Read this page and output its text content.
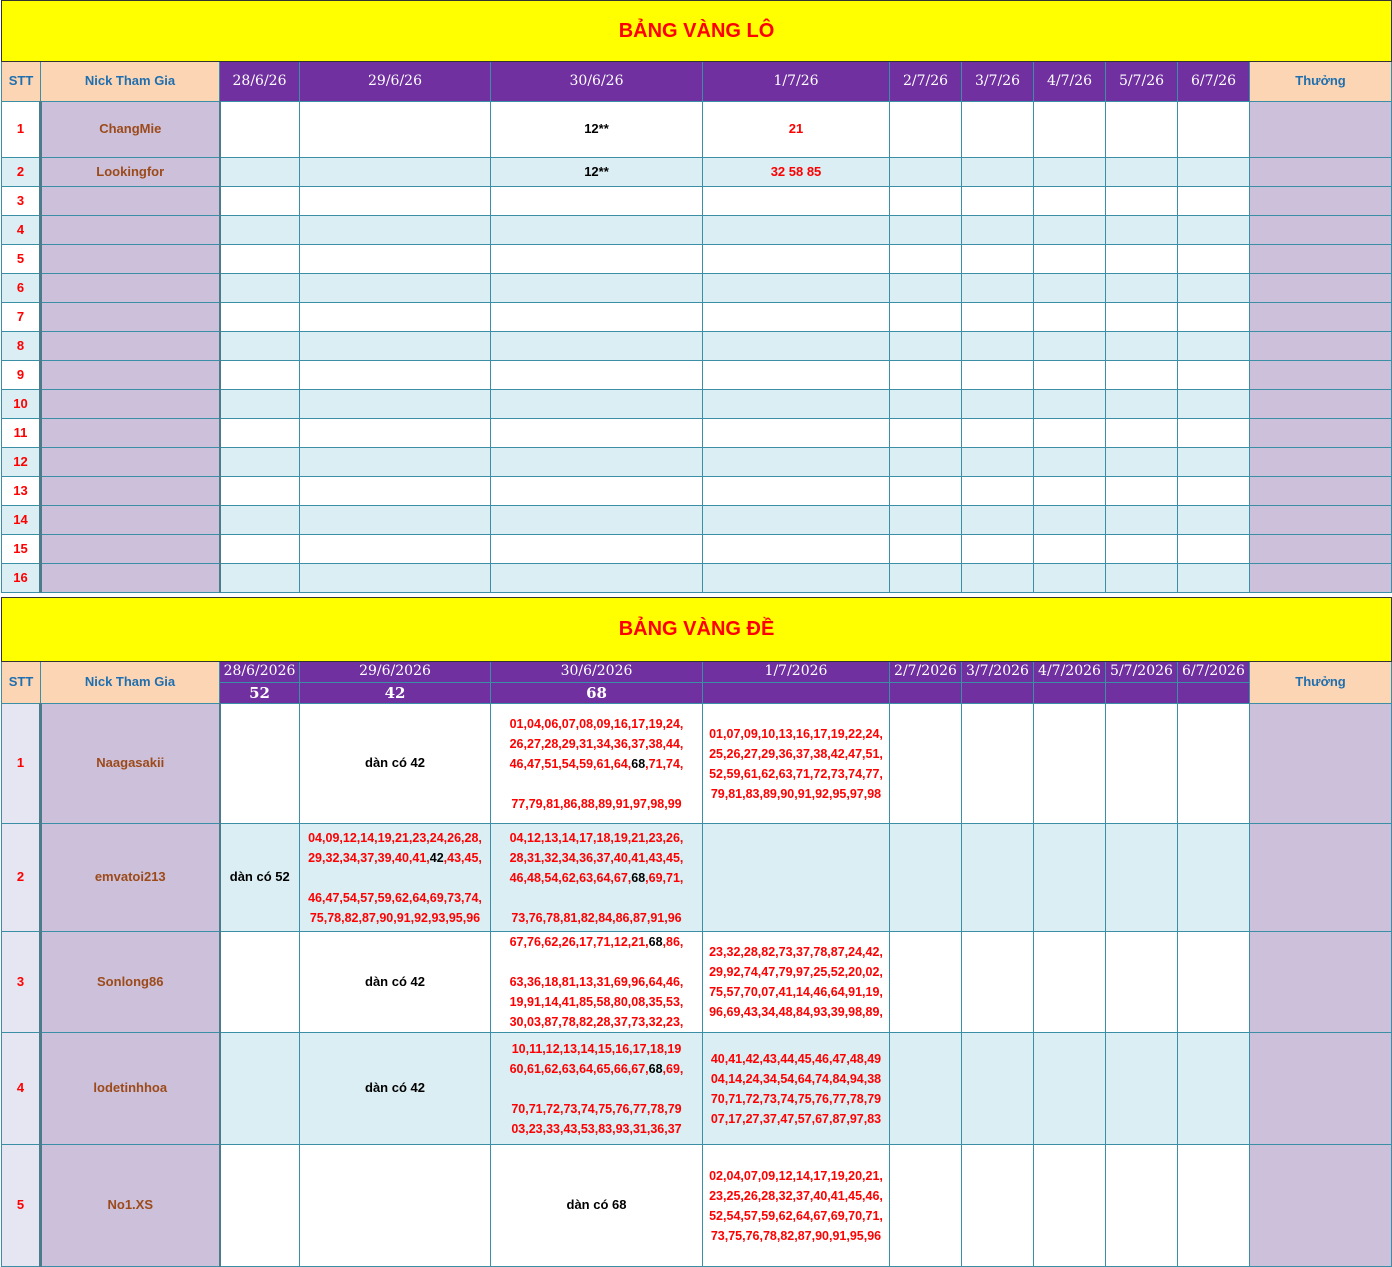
BẢNG VÀNG LÔ											
STT	Nick Tham Gia	28/6/26	29/6/26	30/6/26	1/7/26	2/7/26	3/7/26	4/7/26	5/7/26	6/7/26	Thưởng
1	ChangMie			12**	21						
2	Lookingfor			12**	32 58 85						
3											
4											
5											
6											
7											
8											
9											
10											
11											
12											
13											
14											
15											
16											
BẢNG VÀNG ĐỀ											
STT	Nick Tham Gia	28/6/2026	29/6/2026	30/6/2026	1/7/2026	2/7/2026	3/7/2026	4/7/2026	5/7/2026	6/7/2026	Thưởng
		52	42	68							
1	Naagasakii		dàn có 42	01,04,06,07,08,09,16,17,19,24,
26,27,28,29,31,34,36,37,38,44,
46,47,51,54,59,61,64,68,71,74,

77,79,81,86,88,89,91,97,98,99	01,07,09,10,13,16,17,19,22,24,
25,26,27,29,36,37,38,42,47,51,
52,59,61,62,63,71,72,73,74,77,
79,81,83,89,90,91,92,95,97,98						
2	emvatoi213	dàn có 52	04,09,12,14,19,21,23,24,26,28,
29,32,34,37,39,40,41,42,43,45,

46,47,54,57,59,62,64,69,73,74,
75,78,82,87,90,91,92,93,95,96	04,12,13,14,17,18,19,21,23,26,
28,31,32,34,36,37,40,41,43,45,
46,48,54,62,63,64,67,68,69,71,

73,76,78,81,82,84,86,87,91,96							
3	Sonlong86		dàn có 42	67,76,62,26,17,71,12,21,68,86,

63,36,18,81,13,31,69,96,64,46,
19,91,14,41,85,58,80,08,35,53,
30,03,87,78,82,28,37,73,32,23,	23,32,28,82,73,37,78,87,24,42,
29,92,74,47,79,97,25,52,20,02,
75,57,70,07,41,14,46,64,91,19,
96,69,43,34,48,84,93,39,98,89,						
4	lodetinhhoa		dàn có 42	10,11,12,13,14,15,16,17,18,19
60,61,62,63,64,65,66,67,68,69,

70,71,72,73,74,75,76,77,78,79
03,23,33,43,53,83,93,31,36,37	40,41,42,43,44,45,46,47,48,49
04,14,24,34,54,64,74,84,94,38
70,71,72,73,74,75,76,77,78,79
07,17,27,37,47,57,67,87,97,83						
5	No1.XS			dàn có 68	02,04,07,09,12,14,17,19,20,21,
23,25,26,28,32,37,40,41,45,46,
52,54,57,59,62,64,67,69,70,71,
73,75,76,78,82,87,90,91,95,96						
